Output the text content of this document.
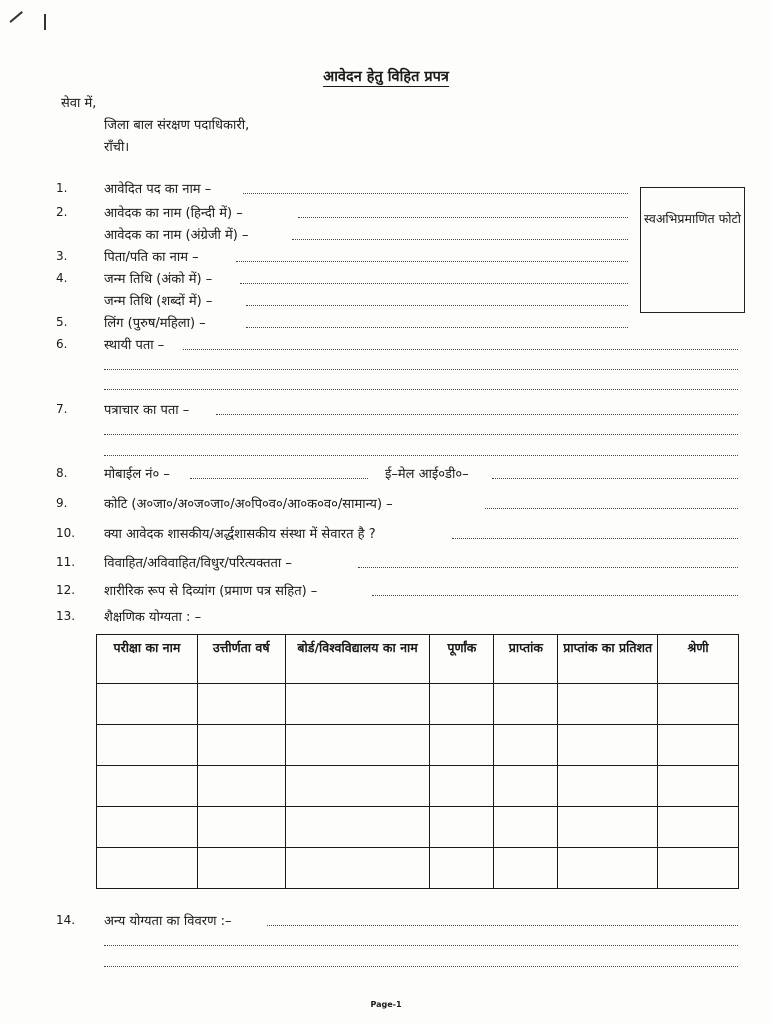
आवेदन हेतु विहित प्रपत्र
सेवा में,
जिला बाल संरक्षण पदाधिकारी,
राँची।
स्वअभिप्रमाणित फोटो
1.	आवेदित पद का नाम –
2.	आवेदक का नाम (हिन्दी में) –
आवेदक का नाम (अंग्रेजी में) –
3.	पिता/पति का नाम –
4.	जन्म तिथि (अंको में) –
जन्म तिथि (शब्दों में) –
5.	लिंग (पुरुष/महिला) –
6.	स्थायी पता –
7.	पत्राचार का पता –
8.	मोबाईल नं० –	ई–मेल आई०डी०–
9.	कोटि (अ०जा०/अ०ज०जा०/अ०पि०व०/आ०क०व०/सामान्य) –
10.	क्या आवेदक शासकीय/अर्द्धशासकीय संस्था में सेवारत है ?
11.	विवाहित/अविवाहित/विधुर/परित्यक्तता –
12.	शारीरिक रूप से दिव्यांग (प्रमाण पत्र सहित) –
13.	शैक्षणिक योग्यता : –
परीक्षा का नाम	उत्तीर्णता वर्ष	बोर्ड/विश्वविद्यालय का नाम	पूर्णांक	प्राप्तांक	प्राप्तांक का प्रतिशत	श्रेणी

14.	अन्य योग्यता का विवरण :–
Page-1
